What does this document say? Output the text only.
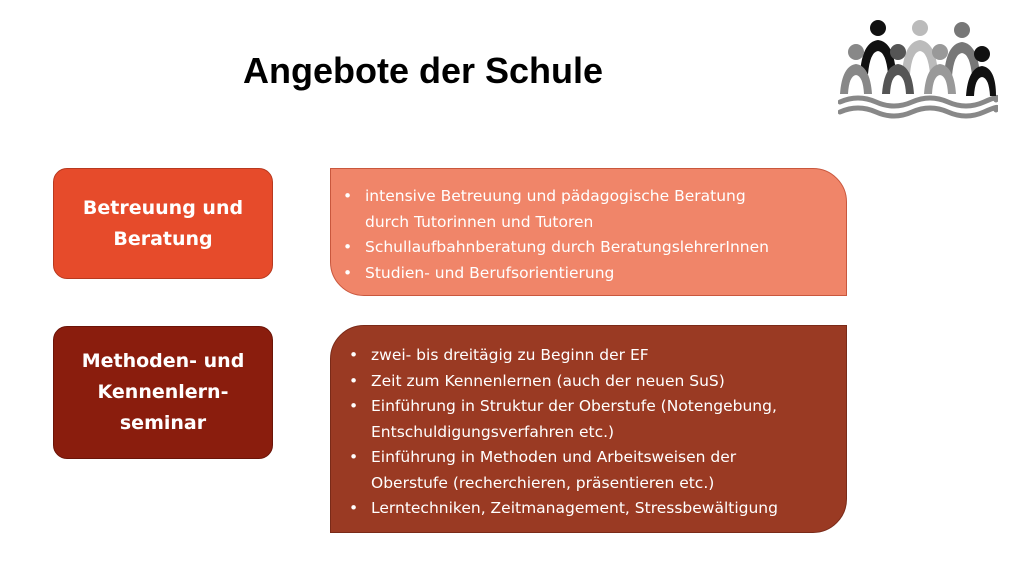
Angebote der Schule
Betreuung und
Beratung
• intensive Betreuung und pädagogische Beratung
durch Tutorinnen und Tutoren
• Schullaufbahnberatung durch BeratungslehrerInnen
• Studien- und Berufsorientierung
Methoden- und
Kennenlern-
seminar
• zwei- bis dreitägig zu Beginn der EF
• Zeit zum Kennenlernen (auch der neuen SuS)
• Einführung in Struktur der Oberstufe (Notengebung,
Entschuldigungsverfahren etc.)
• Einführung in Methoden und Arbeitsweisen der
Oberstufe (recherchieren, präsentieren etc.)
• Lerntechniken, Zeitmanagement, Stressbewältigung
